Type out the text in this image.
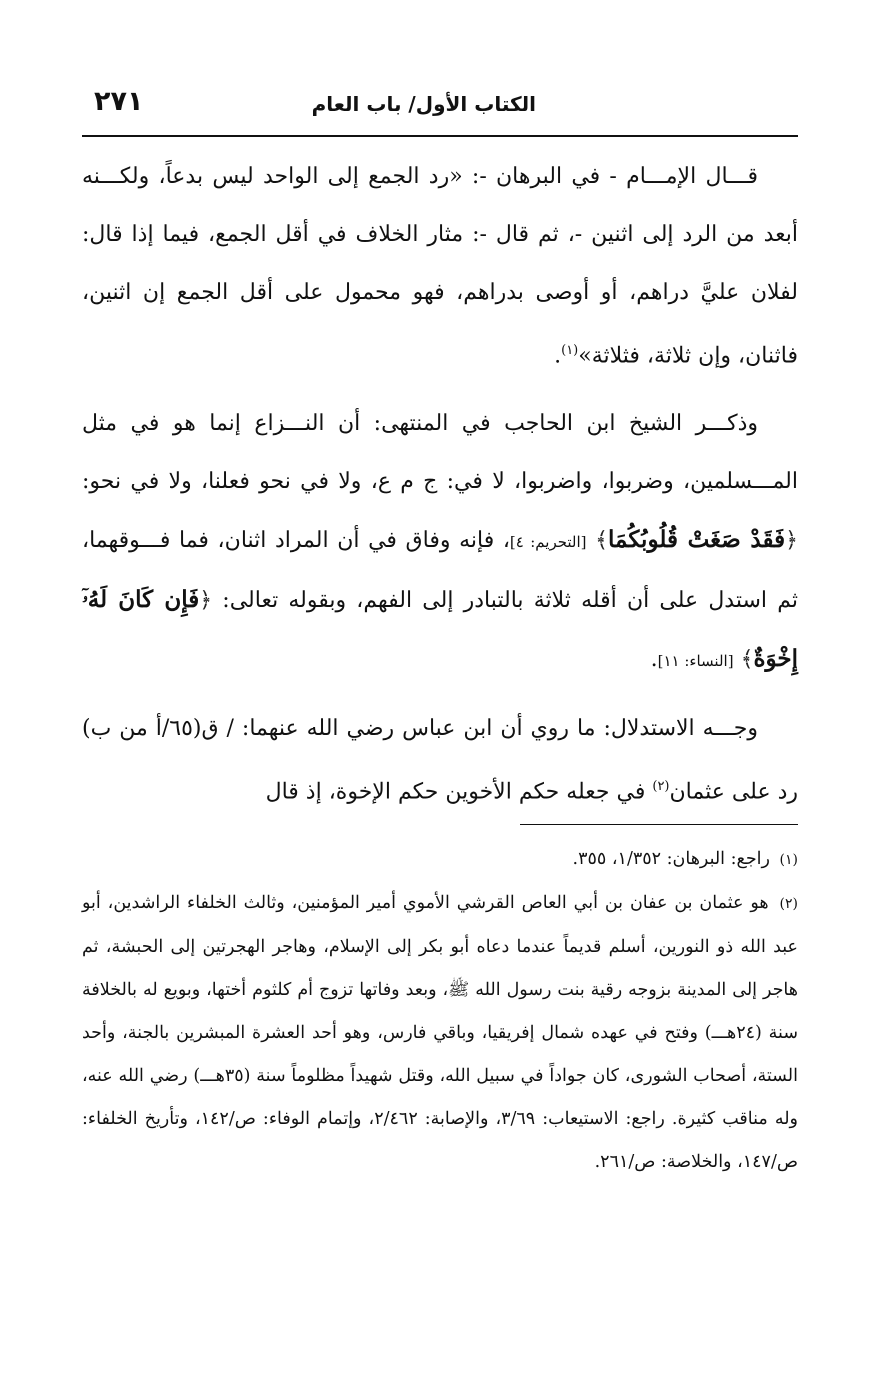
الكتاب الأول/ باب العام
٢٧١

قـــال الإمـــام - في البرهان -: «رد الجمع إلى الواحد ليس بدعاً، ولكـــنه أبعد من الرد إلى اثنين -، ثم قال -: مثار الخلاف في أقل الجمع، فيما إذا قال: لفلان عليَّ دراهم، أو أوصى بدراهم، فهو محمول على أقل الجمع إن اثنين، فاثنان، وإن ثلاثة، فثلاثة»$^{(١)}$.

وذكـــر الشيخ ابن الحاجب في المنتهى: أن النـــزاع إنما هو في مثل المـــسلمين، وضربوا، واضربوا، لا في: ج م ع، ولا في نحو فعلنا، ولا في نحو: ﴿فَقَدْ صَغَتْ قُلُوبُكُمَا﴾ [التحريم: ٤]، فإنه وفاق في أن المراد اثنان، فما فـــوقهما، ثم استدل على أن أقله ثلاثة بالتبادر إلى الفهم، وبقوله تعالى: ﴿فَإِن كَانَ لَهُۥٓ إِخْوَةٌ﴾ [النساء: ١١].

وجـــه الاستدلال: ما روي أن ابن عباس رضي الله عنهما: / ق(٦٥/أ من ب) رد على عثمان$^{(٢)}$ في جعله حكم الأخوين حكم الإخوة، إذ قال

(١) راجع: البرهان: ١/٣٥٢، ٣٥٥.

(٢) هو عثمان بن عفان بن أبي العاص القرشي الأموي أمير المؤمنين، وثالث الخلفاء الراشدين، أبو عبد الله ذو النورين، أسلم قديماً عندما دعاه أبو بكر إلى الإسلام، وهاجر الهجرتين إلى الحبشة، ثم هاجر إلى المدينة بزوجه رقية بنت رسول الله ﷺ، وبعد وفاتها تزوج أم كلثوم أختها، وبويع له بالخلافة سنة (٢٤هـــ) وفتح في عهده شمال إفريقيا، وباقي فارس، وهو أحد العشرة المبشرين بالجنة، وأحد الستة، أصحاب الشورى، كان جواداً في سبيل الله، وقتل شهيداً مظلوماً سنة (٣٥هـــ) رضي الله عنه، وله مناقب كثيرة. راجع: الاستيعاب: ٣/٦٩، والإصابة: ٢/٤٦٢، وإتمام الوفاء: ص/١٤٢، وتأريخ الخلفاء: ص/١٤٧، والخلاصة: ص/٢٦١.
